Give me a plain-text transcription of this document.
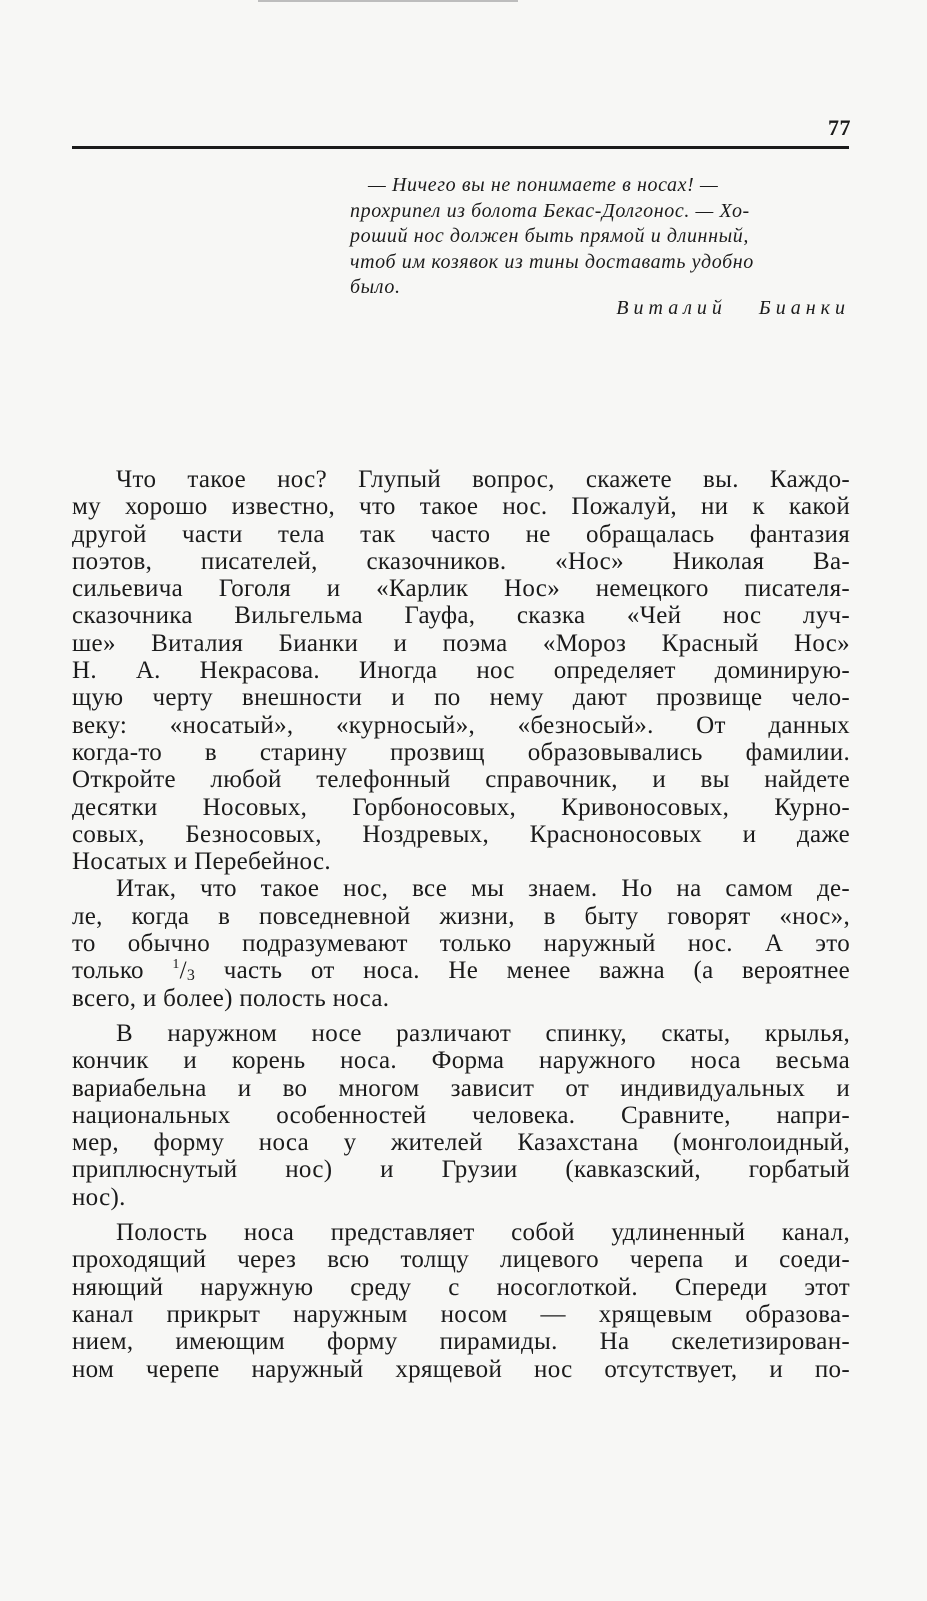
77
— Ничего вы не понимаете в носах! —
прохрипел из болота Бекас-Долгонос. — Хо-
роший нос должен быть прямой и длинный,
чтоб им козявок из тины доставать удобно
было.
Виталий Бианки
Что такое нос? Глупый вопрос, скажете вы. Каждо-
му хорошо известно, что такое нос. Пожалуй, ни к какой
другой части тела так часто не обращалась фантазия
поэтов, писателей, сказочников. «Нос» Николая Ва-
сильевича Гоголя и «Карлик Нос» немецкого писателя-
сказочника Вильгельма Гауфа, сказка «Чей нос луч-
ше» Виталия Бианки и поэма «Мороз Красный Нос»
Н. А. Некрасова. Иногда нос определяет доминирую-
щую черту внешности и по нему дают прозвище чело-
веку: «носатый», «курносый», «безносый». От данных
когда-то в старину прозвищ образовывались фамилии.
Откройте любой телефонный справочник, и вы найдете
десятки Носовых, Горбоносовых, Кривоносовых, Курно-
совых, Безносовых, Ноздревых, Красноносовых и даже
Носатых и Перебейнос.
Итак, что такое нос, все мы знаем. Но на самом де-
ле, когда в повседневной жизни, в быту говорят «нос»,
то обычно подразумевают только наружный нос. А это
только $^1/_3$ часть от носа. Не менее важна (а вероятнее
всего, и более) полость носа.
В наружном носе различают спинку, скаты, крылья,
кончик и корень носа. Форма наружного носа весьма
вариабельна и во многом зависит от индивидуальных и
национальных особенностей человека. Сравните, напри-
мер, форму носа у жителей Казахстана (монголоидный,
приплюснутый нос) и Грузии (кавказский, горбатый
нос).
Полость носа представляет собой удлиненный канал,
проходящий через всю толщу лицевого черепа и соеди-
няющий наружную среду с носоглоткой. Спереди этот
канал прикрыт наружным носом — хрящевым образова-
нием, имеющим форму пирамиды. На скелетизирован-
ном черепе наружный хрящевой нос отсутствует, и по-
